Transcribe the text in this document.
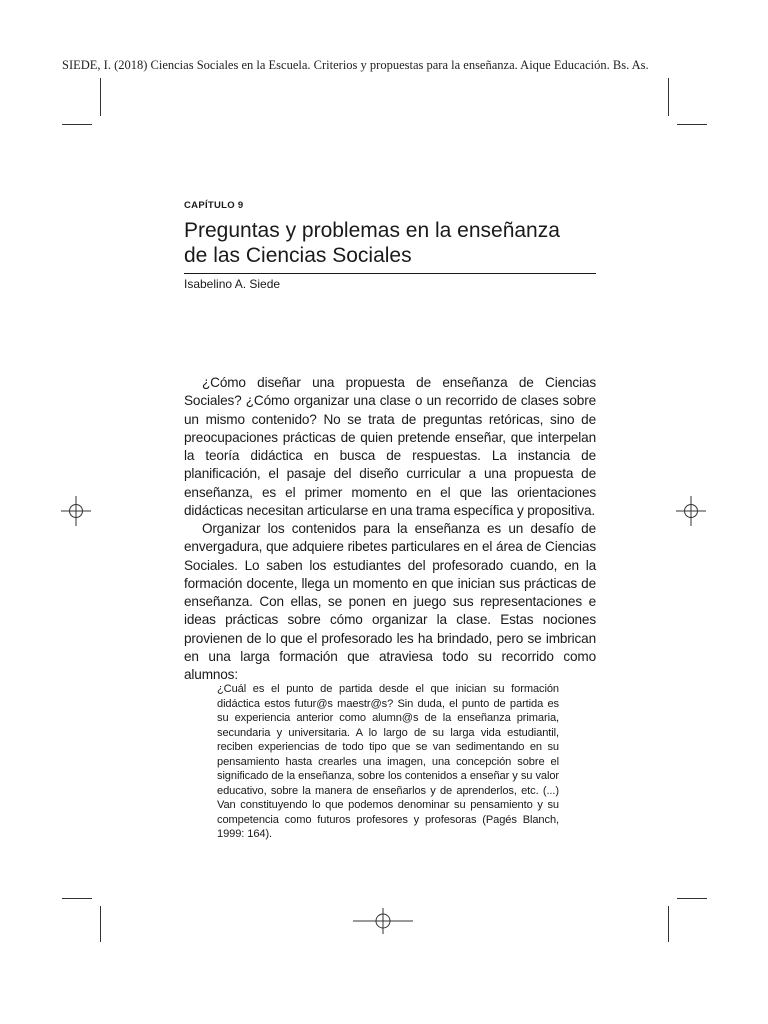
SIEDE, I. (2018) Ciencias Sociales en la Escuela. Criterios y propuestas para la enseñanza. Aique Educación. Bs. As.
CAPÍTULO 9
Preguntas y problemas en la enseñanza
de las Ciencias Sociales
Isabelino A. Siede

¿Cómo diseñar una propuesta de enseñanza de Ciencias Sociales? ¿Cómo organizar una clase o un recorrido de clases sobre un mismo contenido? No se trata de preguntas retóricas, sino de preocupaciones prácticas de quien pretende enseñar, que interpelan la teoría didáctica en busca de respuestas. La instancia de planificación, el pasaje del diseño curricular a una propuesta de enseñanza, es el primer momento en el que las orientaciones didácticas necesitan articularse en una trama específica y propositiva.

Organizar los contenidos para la enseñanza es un desafío de envergadura, que adquiere ribetes particulares en el área de Ciencias Sociales. Lo saben los estudiantes del profesorado cuando, en la formación docente, llega un momento en que inician sus prácticas de enseñanza. Con ellas, se ponen en juego sus representaciones e ideas prácticas sobre cómo organizar la clase. Estas nociones provienen de lo que el profesorado les ha brindado, pero se imbrican en una larga formación que atraviesa todo su recorrido como alumnos:

¿Cuál es el punto de partida desde el que inician su formación didáctica estos futur@s maestr@s? Sin duda, el punto de partida es su experiencia anterior como alumn@s de la enseñanza primaria, secundaria y universitaria. A lo largo de su larga vida estudiantil, reciben experiencias de todo tipo que se van sedimentando en su pensamiento hasta crearles una imagen, una concepción sobre el significado de la enseñanza, sobre los contenidos a enseñar y su valor educativo, sobre la manera de enseñarlos y de aprenderlos, etc. (...) Van constituyendo lo que podemos denominar su pensamiento y su competencia como futuros profesores y profesoras (Pagés Blanch, 1999: 164).
